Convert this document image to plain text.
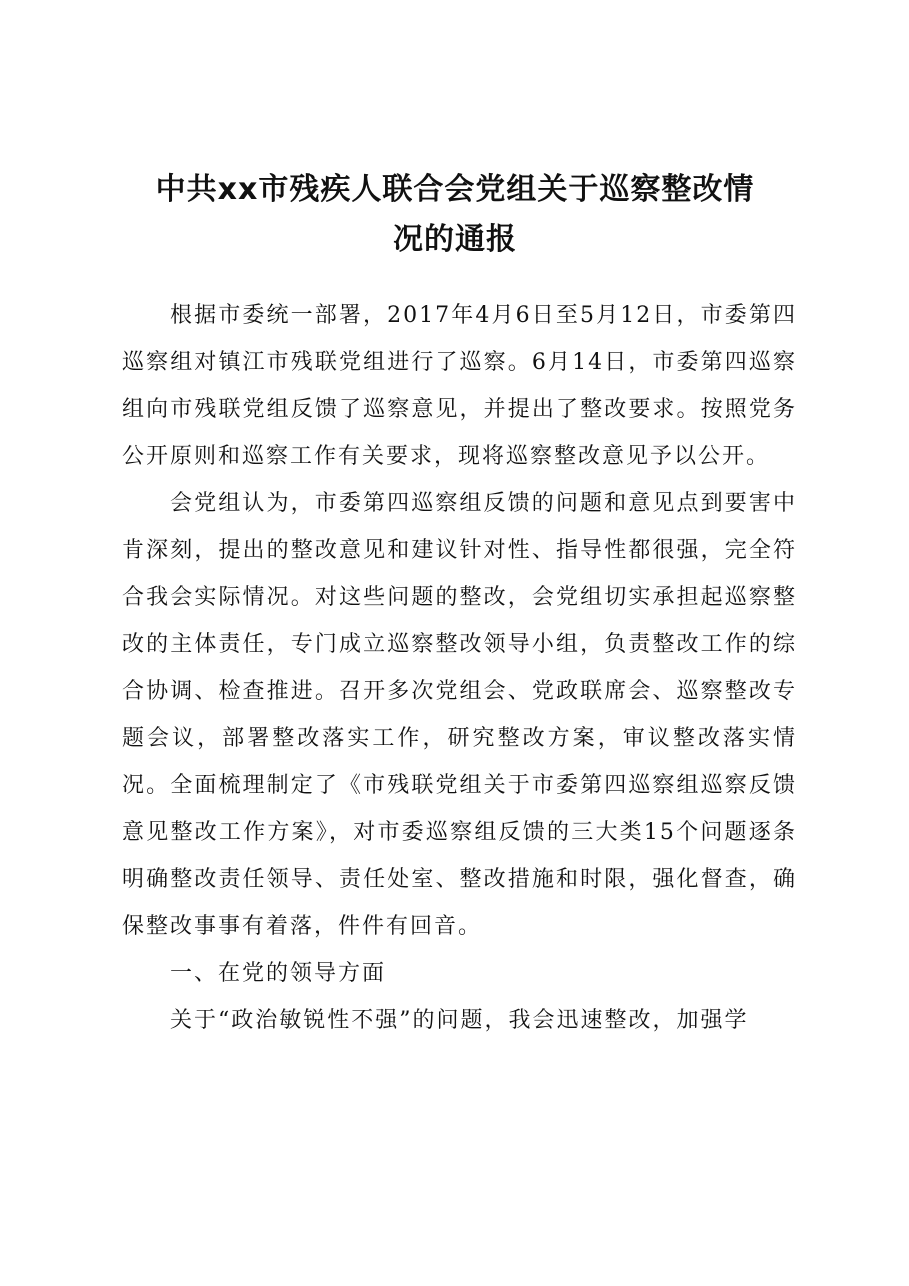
中共xx市残疾人联合会党组关于巡察整改情
况的通报

根据市委统一部署，2017年4月6日至5月12日，市委第四巡察组对镇江市残联党组进行了巡察。6月14日，市委第四巡察组向市残联党组反馈了巡察意见，并提出了整改要求。按照党务公开原则和巡察工作有关要求，现将巡察整改意见予以公开。

会党组认为，市委第四巡察组反馈的问题和意见点到要害中肯深刻，提出的整改意见和建议针对性、指导性都很强，完全符合我会实际情况。对这些问题的整改，会党组切实承担起巡察整改的主体责任，专门成立巡察整改领导小组，负责整改工作的综合协调、检查推进。召开多次党组会、党政联席会、巡察整改专题会议，部署整改落实工作，研究整改方案，审议整改落实情况。全面梳理制定了《市残联党组关于市委第四巡察组巡察反馈意见整改工作方案》，对市委巡察组反馈的三大类15个问题逐条明确整改责任领导、责任处室、整改措施和时限，强化督查，确保整改事事有着落，件件有回音。

一、在党的领导方面

关于“政治敏锐性不强”的问题，我会迅速整改，加强学
